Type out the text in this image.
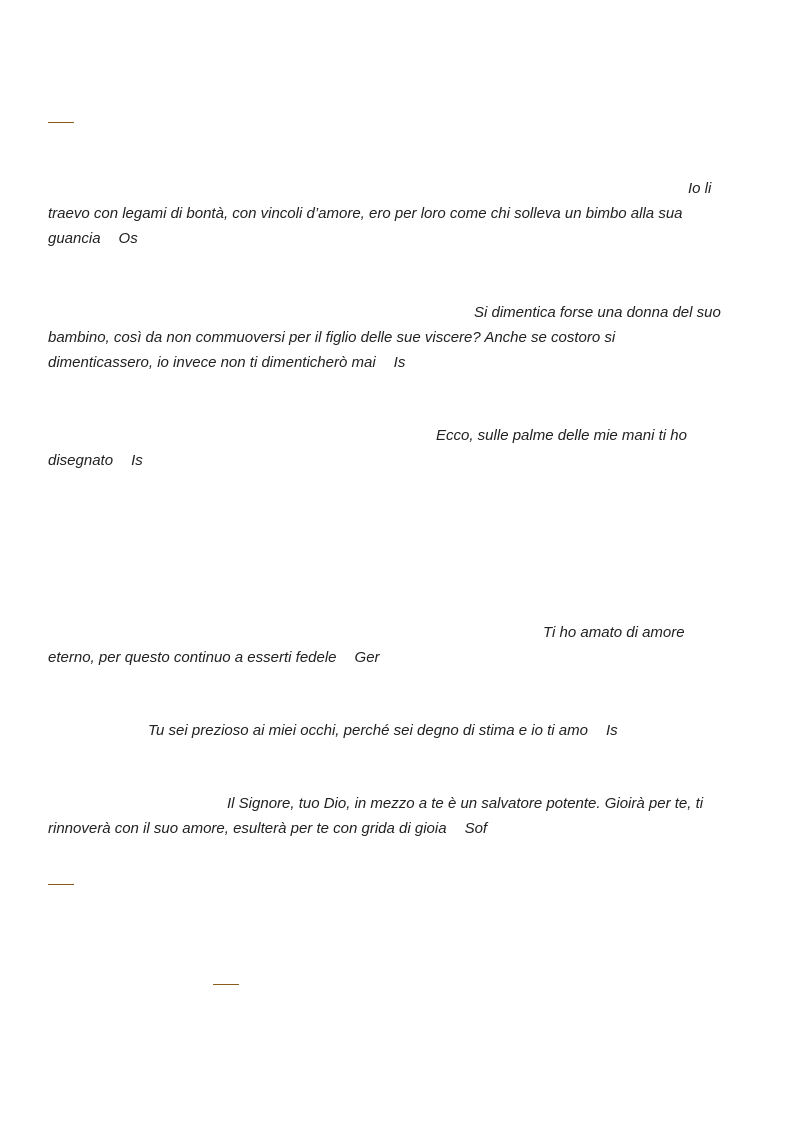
Io li
traevo con legami di bontà, con vincoli d’amore, ero per loro come chi solleva un bimbo alla sua
guancia Os
Si dimentica forse una donna del suo
bambino, così da non commuoversi per il figlio delle sue viscere? Anche se costoro si
dimenticassero, io invece non ti dimenticherò mai Is
Ecco, sulle palme delle mie mani ti ho
disegnato Is
Ti ho amato di amore
eterno, per questo continuo a esserti fedele Ger
Tu sei prezioso ai miei occhi, perché sei degno di stima e io ti amo Is
Il Signore, tuo Dio, in mezzo a te è un salvatore potente. Gioirà per te, ti
rinnoverà con il suo amore, esulterà per te con grida di gioia Sof
